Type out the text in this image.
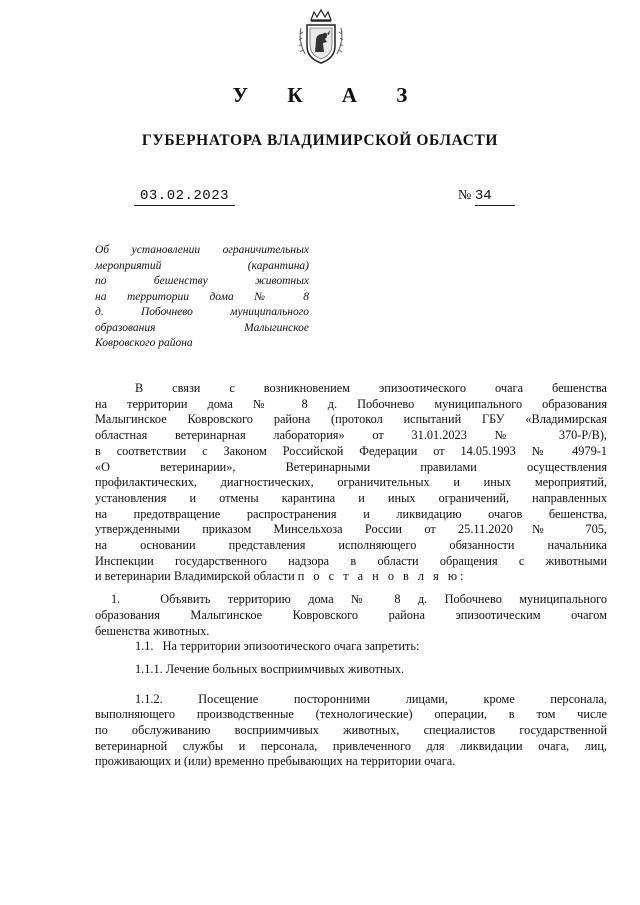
У К А З
ГУБЕРНАТОРА ВЛАДИМИРСКОЙ ОБЛАСТИ
03.02.2023	№ 34
Об установлении ограничительных
мероприятий (карантина)
по бешенству животных
на территории дома № 8
д. Побочнево муниципального
образования Малыгинское
Ковровского района
В связи с возникновением эпизоотического очага бешенства
на территории дома № 8 д. Побочнево муниципального образования
Малыгинское Ковровского района (протокол испытаний ГБУ «Владимирская
областная ветеринарная лаборатория» от 31.01.2023 № 370-Р/В),
в соответствии с Законом Российской Федерации от 14.05.1993 № 4979-1
«О ветеринарии», Ветеринарными правилами осуществления
профилактических, диагностических, ограничительных и иных мероприятий,
установления и отмены карантина и иных ограничений, направленных
на предотвращение распространения и ликвидацию очагов бешенства,
утвержденными приказом Минсельхоза России от 25.11.2020№ 705,
на основании представления исполняющего обязанности начальника
Инспекции государственного надзора в области обращения с животными
и ветеринарии Владимирской области п о с т а н о в л я ю:
1.	Объявить территорию дома № 8 д. Побочнево муниципального
образования Малыгинское Ковровского района эпизоотическим очагом
бешенства животных.
1.1.   На территории эпизоотического очага запретить:
1.1.1. Лечение больных восприимчивых животных.
1.1.2. Посещение посторонними лицами, кроме персонала,
выполняющего производственные (технологические) операции, в том числе
по обслуживанию восприимчивых животных, специалистов государственной
ветеринарной службы и персонала, привлеченного для ликвидации очага, лиц,
проживающих и (или) временно пребывающих на территории очага.
